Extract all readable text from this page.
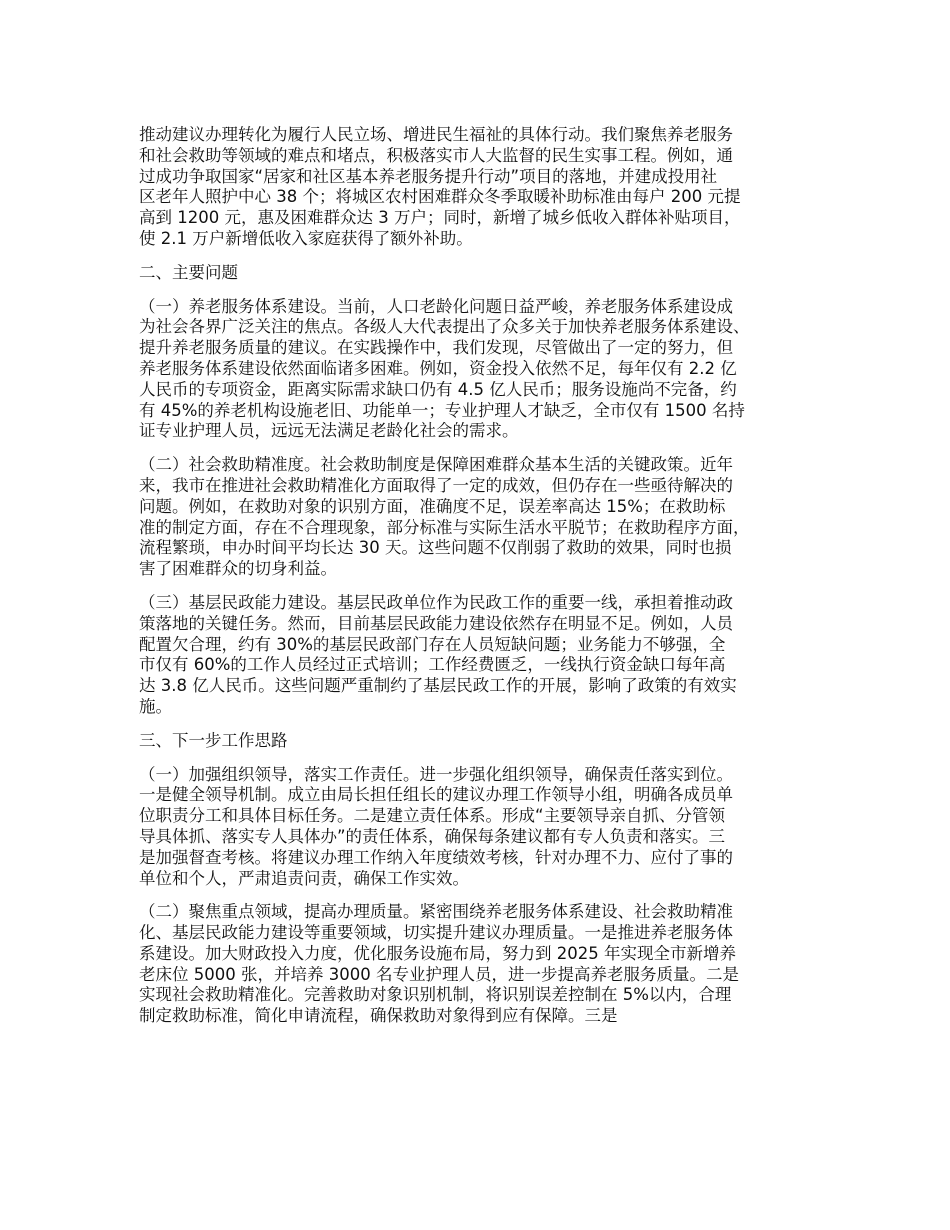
推动建议办理转化为履行人民立场、增进民生福祉的具体行动。我们聚焦养老服务
和社会救助等领域的难点和堵点，积极落实市人大监督的民生实事工程。例如，通
过成功争取国家“居家和社区基本养老服务提升行动”项目的落地，并建成投用社
区老年人照护中心 38 个；将城区农村困难群众冬季取暖补助标准由每户 200 元提
高到 1200 元，惠及困难群众达 3 万户；同时，新增了城乡低收入群体补贴项目，
使 2.1 万户新增低收入家庭获得了额外补助。
二、主要问题
（一）养老服务体系建设。当前，人口老龄化问题日益严峻，养老服务体系建设成
为社会各界广泛关注的焦点。各级人大代表提出了众多关于加快养老服务体系建设、
提升养老服务质量的建议。在实践操作中，我们发现，尽管做出了一定的努力，但
养老服务体系建设依然面临诸多困难。例如，资金投入依然不足，每年仅有 2.2 亿
人民币的专项资金，距离实际需求缺口仍有 4.5 亿人民币；服务设施尚不完备，约
有 45%的养老机构设施老旧、功能单一；专业护理人才缺乏，全市仅有 1500 名持
证专业护理人员，远远无法满足老龄化社会的需求。
（二）社会救助精准度。社会救助制度是保障困难群众基本生活的关键政策。近年
来，我市在推进社会救助精准化方面取得了一定的成效，但仍存在一些亟待解决的
问题。例如，在救助对象的识别方面，准确度不足，误差率高达 15%；在救助标
准的制定方面，存在不合理现象，部分标准与实际生活水平脱节；在救助程序方面，
流程繁琐，申办时间平均长达 30 天。这些问题不仅削弱了救助的效果，同时也损
害了困难群众的切身利益。
（三）基层民政能力建设。基层民政单位作为民政工作的重要一线，承担着推动政
策落地的关键任务。然而，目前基层民政能力建设依然存在明显不足。例如，人员
配置欠合理，约有 30%的基层民政部门存在人员短缺问题；业务能力不够强，全
市仅有 60%的工作人员经过正式培训；工作经费匮乏，一线执行资金缺口每年高
达 3.8 亿人民币。这些问题严重制约了基层民政工作的开展，影响了政策的有效实
施。
三、下一步工作思路
（一）加强组织领导，落实工作责任。进一步强化组织领导，确保责任落实到位。
一是健全领导机制。成立由局长担任组长的建议办理工作领导小组，明确各成员单
位职责分工和具体目标任务。二是建立责任体系。形成“主要领导亲自抓、分管领
导具体抓、落实专人具体办”的责任体系，确保每条建议都有专人负责和落实。三
是加强督查考核。将建议办理工作纳入年度绩效考核，针对办理不力、应付了事的
单位和个人，严肃追责问责，确保工作实效。
（二）聚焦重点领域，提高办理质量。紧密围绕养老服务体系建设、社会救助精准
化、基层民政能力建设等重要领域，切实提升建议办理质量。一是推进养老服务体
系建设。加大财政投入力度，优化服务设施布局，努力到 2025 年实现全市新增养
老床位 5000 张，并培养 3000 名专业护理人员，进一步提高养老服务质量。二是
实现社会救助精准化。完善救助对象识别机制，将识别误差控制在 5%以内，合理
制定救助标准，简化申请流程，确保救助对象得到应有保障。三是
